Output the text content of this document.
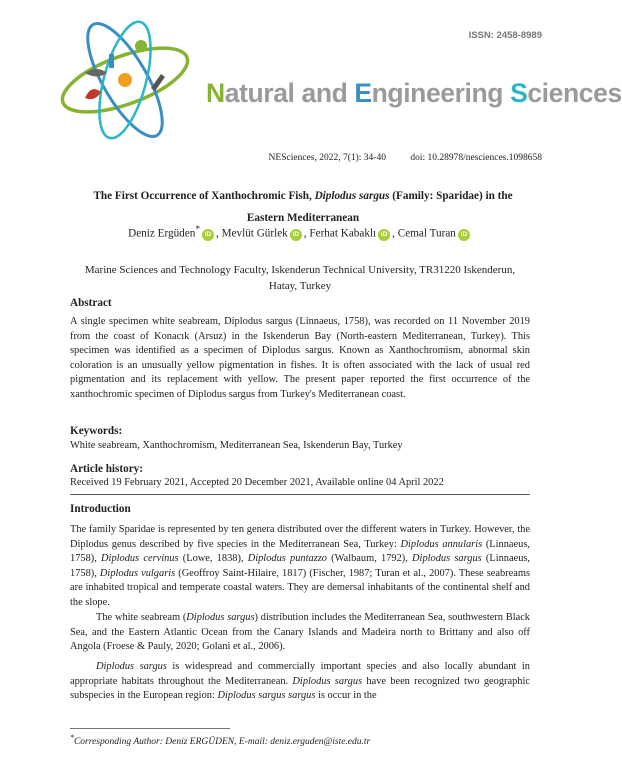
ISSN: 2458-8989
Natural and Engineering Sciences
NESciences, 2022, 7(1): 34-40	doi: 10.28978/nesciences.1098658
The First Occurrence of Xanthochromic Fish, Diplodus sargus (Family: Sparidae) in the Eastern Mediterranean
Deniz Ergüden* iD , Mevlüt Gürlek iD , Ferhat Kabaklı iD , Cemal Turan iD
Marine Sciences and Technology Faculty, Iskenderun Technical University, TR31220 Iskenderun, Hatay, Turkey
Abstract
A single specimen white seabream, Diplodus sargus (Linnaeus, 1758), was recorded on 11 November 2019 from the coast of Konacık (Arsuz) in the Iskenderun Bay (North-eastern Mediterranean, Turkey). This specimen was identified as a specimen of Diplodus sargus. Known as Xanthochromism, abnormal skin coloration is an unusually yellow pigmentation in fishes. It is often associated with the lack of usual red pigmentation and its replacement with yellow. The present paper reported the first occurrence of the xanthochromic specimen of Diplodus sargus from Turkey's Mediterranean coast.
Keywords:
White seabream, Xanthochromism, Mediterranean Sea, Iskenderun Bay, Turkey
Article history:
Received 19 February 2021, Accepted 20 December 2021, Available online 04 April 2022
Introduction
The family Sparidae is represented by ten genera distributed over the different waters in Turkey. However, the Diplodus genus described by five species in the Mediterranean Sea, Turkey: Diplodus annularis (Linnaeus, 1758), Diplodus cervinus (Lowe, 1838), Diplodus puntazzo (Walbaum, 1792), Diplodus sargus (Linnaeus, 1758), Diplodus vulgaris (Geoffroy Saint-Hilaire, 1817) (Fischer, 1987; Turan et al., 2007). These seabreams are inhabited tropical and temperate coastal waters. They are demersal inhabitants of the continental shelf and the slope.
The white seabream (Diplodus sargus) distribution includes the Mediterranean Sea, southwestern Black Sea, and the Eastern Atlantic Ocean from the Canary Islands and Madeira north to Brittany and also off Angola (Froese & Pauly, 2020; Golani et al., 2006).
Diplodus sargus is widespread and commercially important species and also locally abundant in appropriate habitats throughout the Mediterranean. Diplodus sargus have been recognized two geographic subspecies in the European region: Diplodus sargus sargus is occur in the
*Corresponding Author: Deniz ERGÜDEN, E-mail: deniz.erguden@iste.edu.tr
